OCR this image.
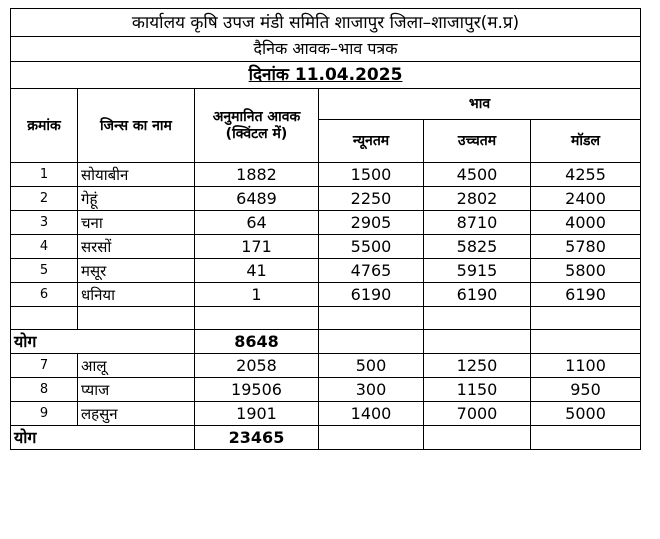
कार्यालय कृषि उपज मंडी समिति शाजापुर जिला–शाजापुर(म.प्र)					
दैनिक आवक–भाव पत्रक					
दिनांक 11.04.2025					
क्रमांक	जिन्स का नाम	अनुमानित आवक (क्विंटल में)	भाव		
			न्यूनतम	उच्चतम	मॉडल
1	सोयाबीन	1882	1500	4500	4255
2	गेहूं	6489	2250	2802	2400
3	चना	64	2905	8710	4000
4	सरसों	171	5500	5825	5780
5	मसूर	41	4765	5915	5800
6	धनिया	1	6190	6190	6190

योग		8648			
7	आलू	2058	500	1250	1100
8	प्याज	19506	300	1150	950
9	लहसुन	1901	1400	7000	5000
योग		23465			
